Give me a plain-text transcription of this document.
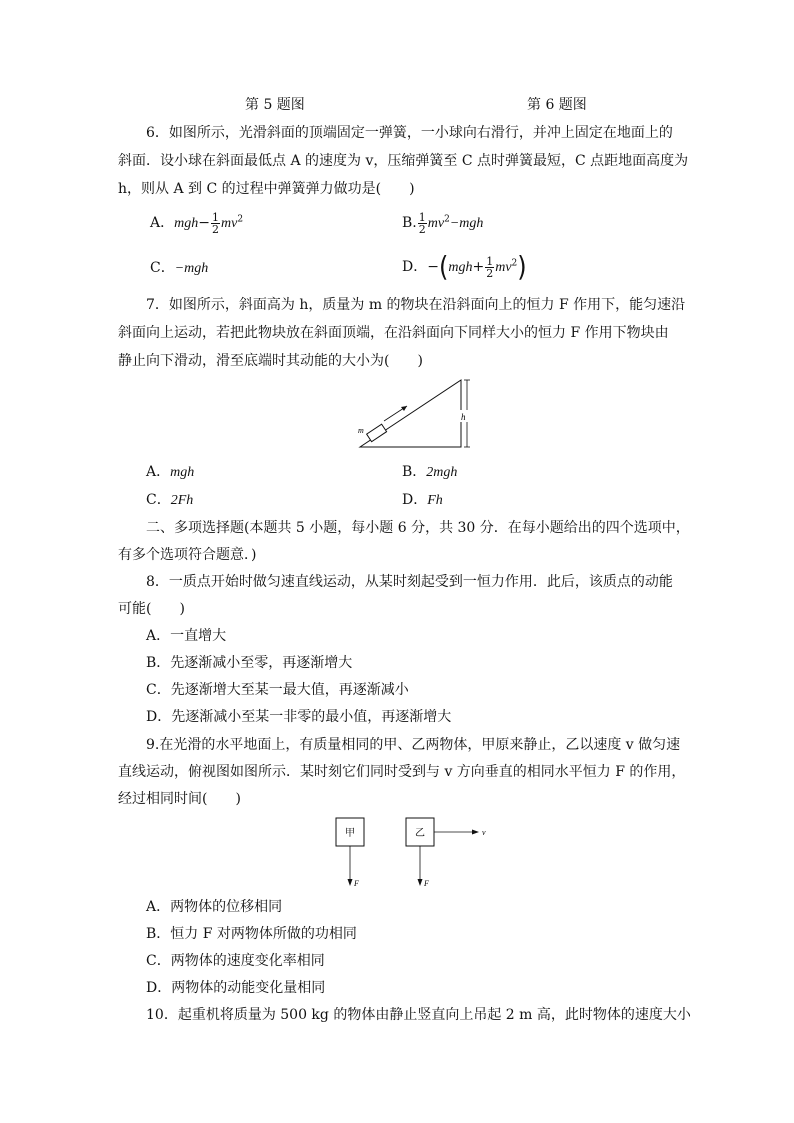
第 5 题图	第 6 题图
6．如图所示，光滑斜面的顶端固定一弹簧，一小球向右滑行，并冲上固定在地面上的
斜面．设小球在斜面最低点 A 的速度为 v，压缩弹簧至 C 点时弹簧最短，C 点距地面高度为
h，则从 A 到 C 的过程中弹簧弹力做功是(　　)
A．$mgh- \frac{1}{2} mv^2$	B. $\frac{1}{2} mv^2-mgh$
C．−mgh	D．$-(mgh+ \frac{1}{2} mv^2)$
7．如图所示，斜面高为 h，质量为 m 的物块在沿斜面向上的恒力 F 作用下，能匀速沿
斜面向上运动，若把此物块放在斜面顶端，在沿斜面向下同样大小的恒力 F 作用下物块由
静止向下滑动，滑至底端时其动能的大小为(　　)
m
h
A．mgh	B．2mgh
C．2Fh	D．Fh
二、多项选择题(本题共 5 小题，每小题 6 分，共 30 分．在每小题给出的四个选项中，
有多个选项符合题意．)
8．一质点开始时做匀速直线运动，从某时刻起受到一恒力作用．此后，该质点的动能
可能(　　)
A．一直增大
B．先逐渐减小至零，再逐渐增大
C．先逐渐增大至某一最大值，再逐渐减小
D．先逐渐减小至某一非零的最小值，再逐渐增大
9.在光滑的水平地面上，有质量相同的甲、乙两物体，甲原来静止，乙以速度 v 做匀速
直线运动，俯视图如图所示．某时刻它们同时受到与 v 方向垂直的相同水平恒力 F 的作用，
经过相同时间(　　)
甲
F
乙
F
v
A．两物体的位移相同
B．恒力 F 对两物体所做的功相同
C．两物体的速度变化率相同
D．两物体的动能变化量相同
10．起重机将质量为 500 kg 的物体由静止竖直向上吊起 2 m 高，此时物体的速度大小
